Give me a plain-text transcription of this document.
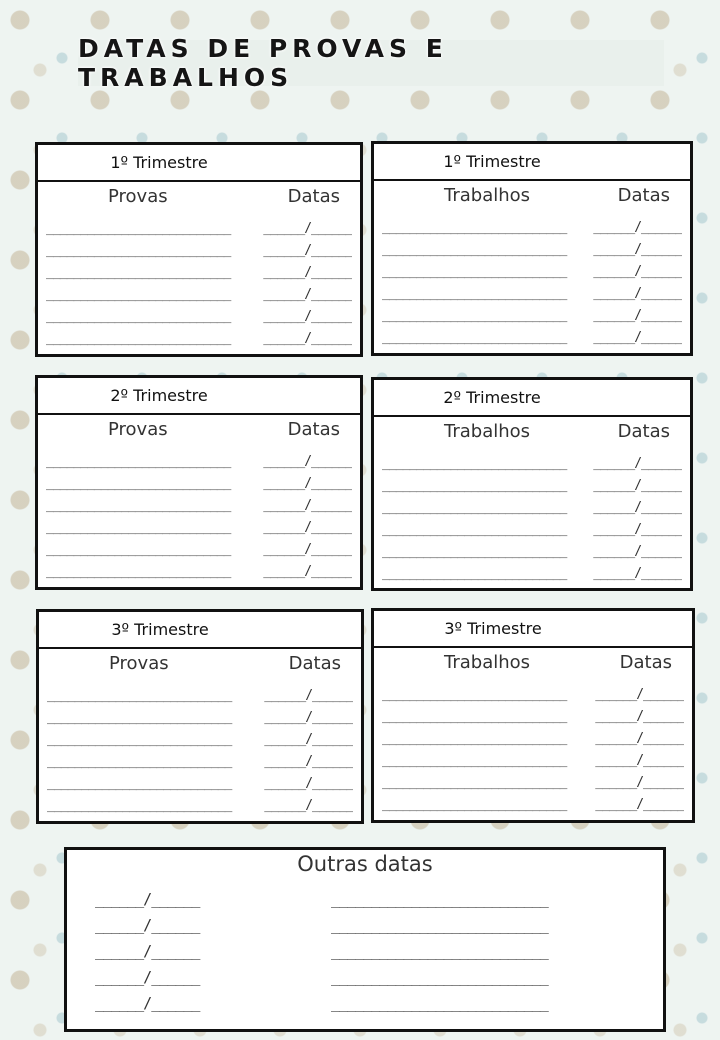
DATAS DE PROVAS E TRABALHOS
1º Trimestre
Provas	Datas
___________________________	______/______
___________________________	______/______
___________________________	______/______
___________________________	______/______
___________________________	______/______
___________________________	______/______
1º Trimestre
Trabalhos	Datas
___________________________	______/______
___________________________	______/______
___________________________	______/______
___________________________	______/______
___________________________	______/______
___________________________	______/______
2º Trimestre
Provas	Datas
___________________________	______/______
___________________________	______/______
___________________________	______/______
___________________________	______/______
___________________________	______/______
___________________________	______/______
2º Trimestre
Trabalhos	Datas
___________________________	______/______
___________________________	______/______
___________________________	______/______
___________________________	______/______
___________________________	______/______
___________________________	______/______
3º Trimestre
Provas	Datas
___________________________	______/______
___________________________	______/______
___________________________	______/______
___________________________	______/______
___________________________	______/______
___________________________	______/______
3º Trimestre
Trabalhos	Datas
___________________________	______/______
___________________________	______/______
___________________________	______/______
___________________________	______/______
___________________________	______/______
___________________________	______/______
Outras datas
______/______	___________________________
______/______	___________________________
______/______	___________________________
______/______	___________________________
______/______	___________________________
